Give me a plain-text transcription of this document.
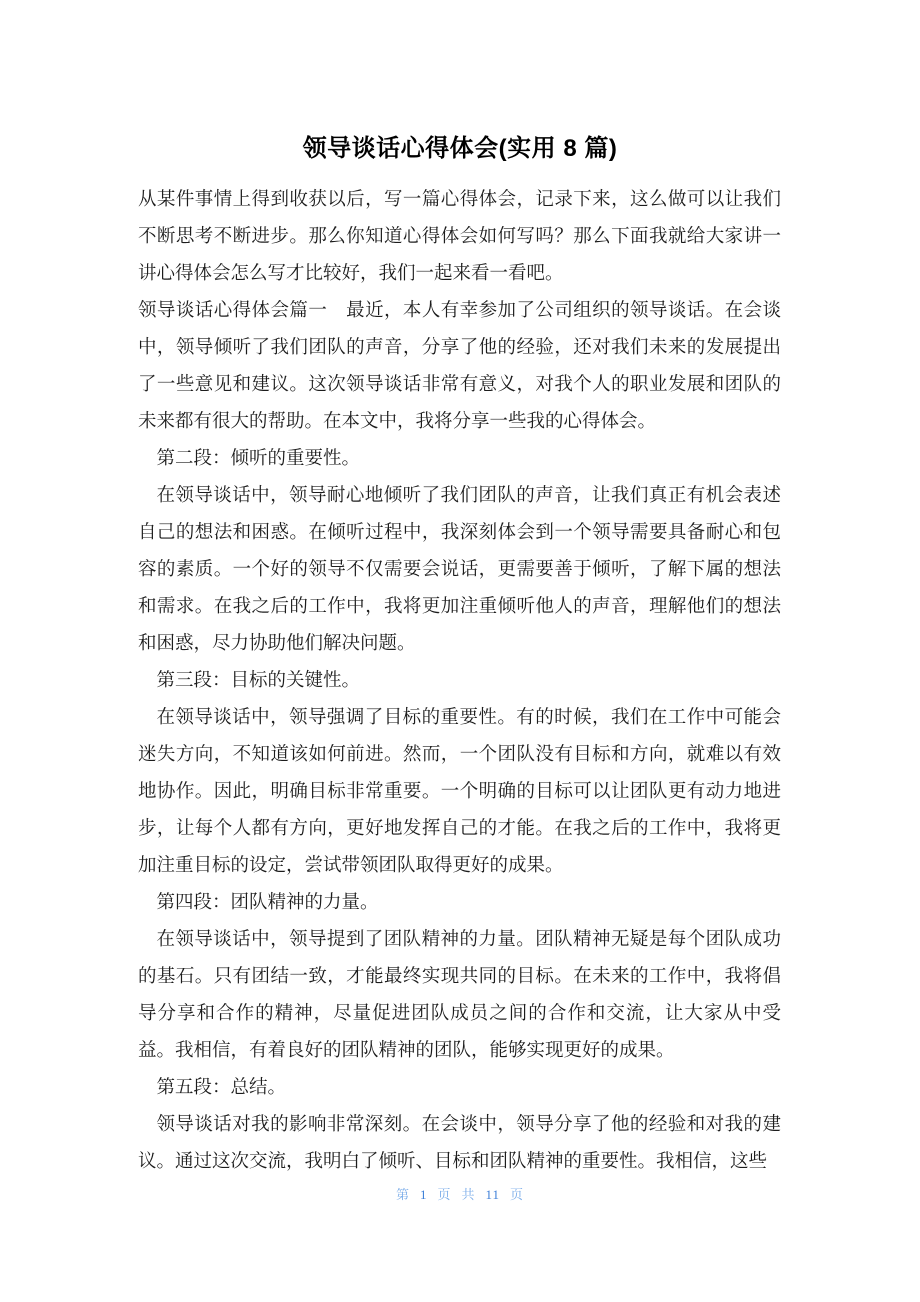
领导谈话心得体会(实用 8 篇)

从某件事情上得到收获以后，写一篇心得体会，记录下来，这么做可以让我们不断思考不断进步。那么你知道心得体会如何写吗？那么下面我就给大家讲一讲心得体会怎么写才比较好，我们一起来看一看吧。

领导谈话心得体会篇一　最近，本人有幸参加了公司组织的领导谈话。在会谈中，领导倾听了我们团队的声音，分享了他的经验，还对我们未来的发展提出了一些意见和建议。这次领导谈话非常有意义，对我个人的职业发展和团队的未来都有很大的帮助。在本文中，我将分享一些我的心得体会。

第二段：倾听的重要性。

在领导谈话中，领导耐心地倾听了我们团队的声音，让我们真正有机会表述自己的想法和困惑。在倾听过程中，我深刻体会到一个领导需要具备耐心和包容的素质。一个好的领导不仅需要会说话，更需要善于倾听，了解下属的想法和需求。在我之后的工作中，我将更加注重倾听他人的声音，理解他们的想法和困惑，尽力协助他们解决问题。

第三段：目标的关键性。

在领导谈话中，领导强调了目标的重要性。有的时候，我们在工作中可能会迷失方向，不知道该如何前进。然而，一个团队没有目标和方向，就难以有效地协作。因此，明确目标非常重要。一个明确的目标可以让团队更有动力地进步，让每个人都有方向，更好地发挥自己的才能。在我之后的工作中，我将更加注重目标的设定，尝试带领团队取得更好的成果。

第四段：团队精神的力量。

在领导谈话中，领导提到了团队精神的力量。团队精神无疑是每个团队成功的基石。只有团结一致，才能最终实现共同的目标。在未来的工作中，我将倡导分享和合作的精神，尽量促进团队成员之间的合作和交流，让大家从中受益。我相信，有着良好的团队精神的团队，能够实现更好的成果。

第五段：总结。

领导谈话对我的影响非常深刻。在会谈中，领导分享了他的经验和对我的建议。通过这次交流，我明白了倾听、目标和团队精神的重要性。我相信，这些

第 1 页 共 11 页
